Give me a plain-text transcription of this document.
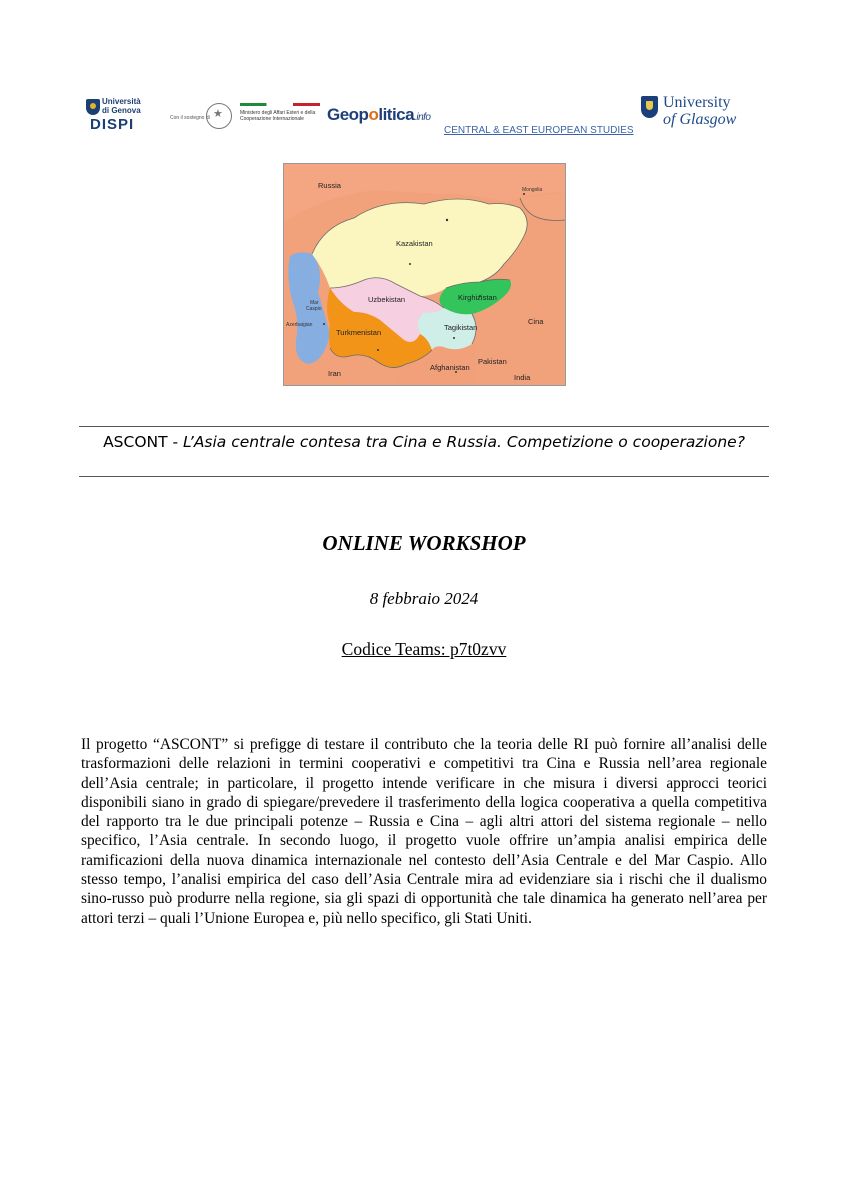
Università
di Genova
DISPI	Con il sostegno di
★
Ministero degli Affari Esteri e della Cooperazione Internazionale	Geopolitica.info
CENTRAL & EAST EUROPEAN STUDIES
University
of Glasgow
Russia	Mongolia
Kazakistan
Uzbekistan	Kirghizistan
Turkmenistan
Tagikistan
Cina
Mar
Caspio
Azerbaigian
Iran
Afghanistan
Pakistan
India
ASCONT - L’Asia centrale contesa tra Cina e Russia. Competizione o cooperazione?
ONLINE WORKSHOP
8 febbraio 2024
Codice Teams: p7t0zvv

Il progetto “ASCONT” si prefigge di testare il contributo che la teoria delle RI può fornire all’analisi delle trasformazioni delle relazioni in termini cooperativi e competitivi tra Cina e Russia nell’area regionale dell’Asia centrale; in particolare, il progetto intende verificare in che misura i diversi approcci teorici disponibili siano in grado di spiegare/prevedere il trasferimento della logica cooperativa a quella competitiva del rapporto tra le due principali potenze – Russia e Cina – agli altri attori del sistema regionale – nello specifico, l’Asia centrale. In secondo luogo, il progetto vuole offrire un’ampia analisi empirica delle ramificazioni della nuova dinamica internazionale nel contesto dell’Asia Centrale e del Mar Caspio. Allo stesso tempo, l’analisi empirica del caso dell’Asia Centrale mira ad evidenziare sia i rischi che il dualismo sino-russo può produrre nella regione, sia gli spazi di opportunità che tale dinamica ha generato nell’area per attori terzi – quali l’Unione Europea e, più nello specifico, gli Stati Uniti.
